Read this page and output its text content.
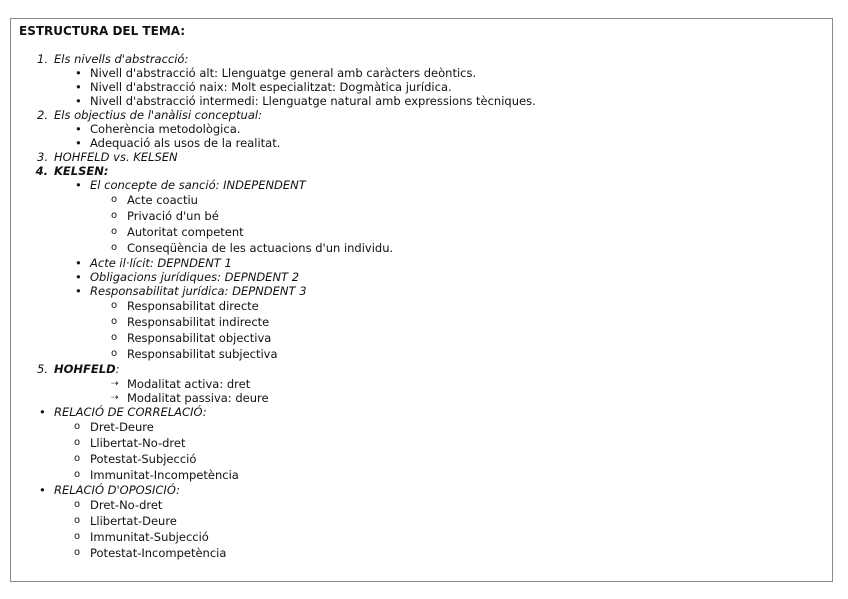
ESTRUCTURA DEL TEMA:
1. Els nivells d'abstracció:
• Nivell d'abstracció alt: Llenguatge general amb caràcters deòntics.
• Nivell d'abstracció naix: Molt especialitzat: Dogmàtica jurídica.
• Nivell d'abstracció intermedi: Llenguatge natural amb expressions tècniques.
2. Els objectius de l'anàlisi conceptual:
• Coherència metodològica.
• Adequació als usos de la realitat.
3. HOHFELD vs. KELSEN
4. KELSEN:
• El concepte de sanció: INDEPENDENT
o Acte coactiu
o Privació d'un bé
o Autoritat competent
o Conseqüència de les actuacions d'un individu.
• Acte il·lícit: DEPNDENT 1
• Obligacions jurídiques: DEPNDENT 2
• Responsabilitat jurídica: DEPNDENT 3
o Responsabilitat directe
o Responsabilitat indirecte
o Responsabilitat objectiva
o Responsabilitat subjectiva
5. HOHFELD:
⇢ Modalitat activa: dret
⇢ Modalitat passiva: deure
• RELACIÓ DE CORRELACIÓ:
o Dret-Deure
o Llibertat-No-dret
o Potestat-Subjecció
o Immunitat-Incompetència
• RELACIÓ D'OPOSICIÓ:
o Dret-No-dret
o Llibertat-Deure
o Immunitat-Subjecció
o Potestat-Incompetència
